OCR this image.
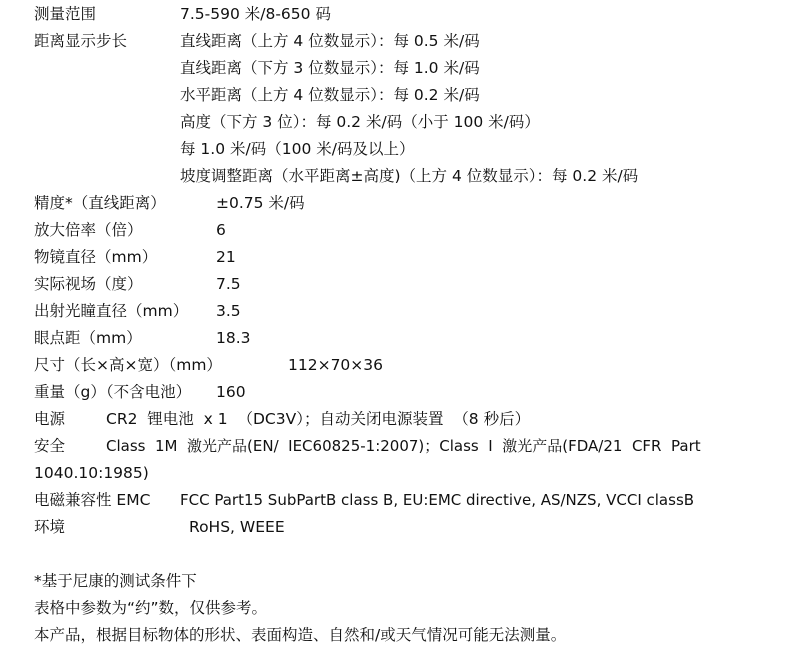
测量范围	7.5-590 米/8-650 码
距离显示步长	直线距离（上方 4 位数显示）：每 0.5 米/码
直线距离（下方 3 位数显示）：每 1.0 米/码
水平距离（上方 4 位数显示）：每 0.2 米/码
高度（下方 3 位）：每 0.2 米/码（小于 100 米/码）
每 1.0 米/码（100 米/码及以上）
坡度调整距离（水平距离±高度)（上方 4 位数显示）：每 0.2 米/码
精度*（直线距离）	±0.75 米/码
放大倍率（倍）	6
物镜直径（mm）	21
实际视场（度）	7.5
出射光瞳直径（mm） 3.5
眼点距（mm）	18.3
尺寸（长×高×宽）（mm）	112×70×36
重量（g）（不含电池） 160
电源	CR2  锂电池  x 1  （DC3V）；自动关闭电源装置  （8 秒后）
安全	Class  1M  激光产品(EN/  IEC60825-1:2007)；Class  I  激光产品(FDA/21  CFR  Part
1040.10:1985)
电磁兼容性 EMC FCC Part15 SubPartB class B, EU:EMC directive, AS/NZS, VCCI classB
环境	RoHS, WEEE
*基于尼康的测试条件下
表格中参数为“约”数，仅供参考。
本产品，根据目标物体的形状、表面构造、自然和/或天气情况可能无法测量。
